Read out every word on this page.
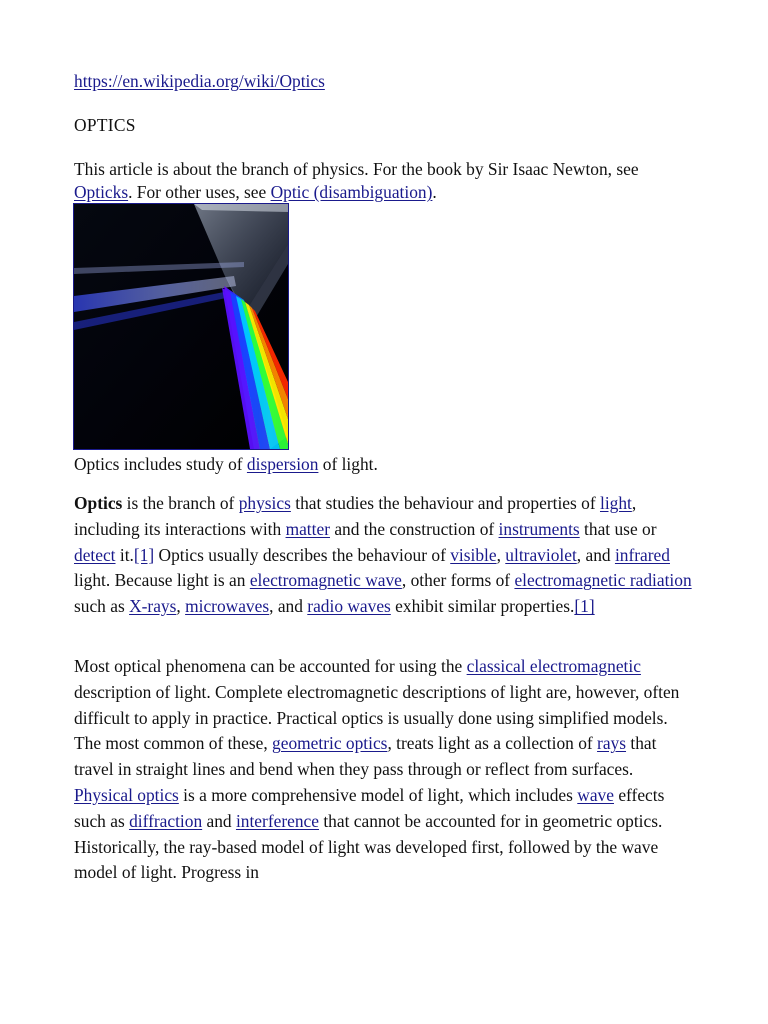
https://en.wikipedia.org/wiki/Optics
OPTICS
This article is about the branch of physics. For the book by Sir Isaac Newton, see Opticks. For other uses, see Optic (disambiguation).
Optics includes study of dispersion of light.

Optics is the branch of physics that studies the behaviour and properties of light, including its interactions with matter and the construction of instruments that use or detect it.[1] Optics usually describes the behaviour of visible, ultraviolet, and infrared light. Because light is an electromagnetic wave, other forms of electromagnetic radiation such as X-rays, microwaves, and radio waves exhibit similar properties.[1]

Most optical phenomena can be accounted for using the classical electromagnetic description of light. Complete electromagnetic descriptions of light are, however, often difficult to apply in practice. Practical optics is usually done using simplified models. The most common of these, geometric optics, treats light as a collection of rays that travel in straight lines and bend when they pass through or reflect from surfaces. Physical optics is a more comprehensive model of light, which includes wave effects such as diffraction and interference that cannot be accounted for in geometric optics. Historically, the ray-based model of light was developed first, followed by the wave model of light. Progress in
